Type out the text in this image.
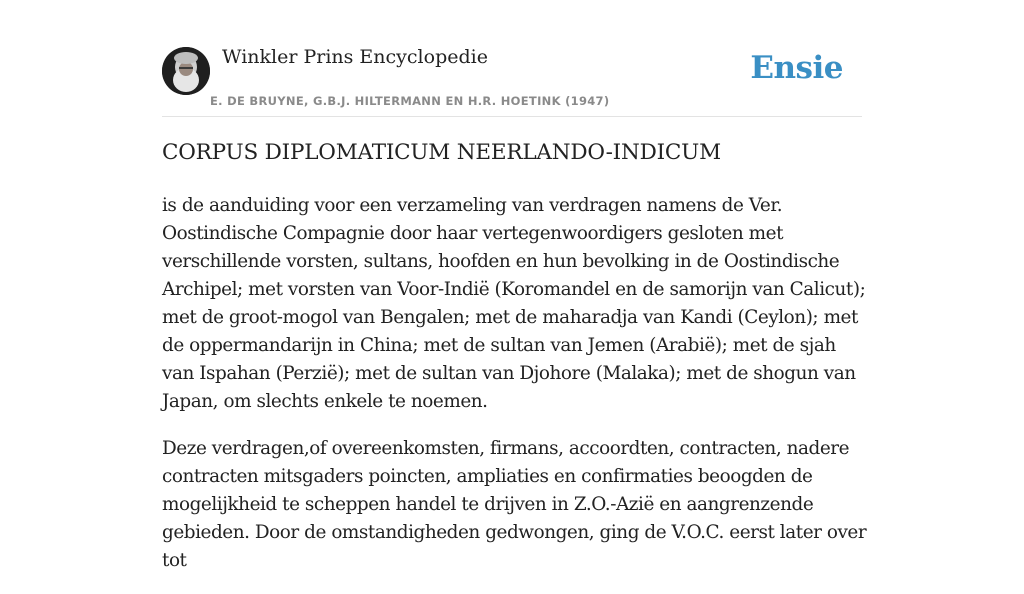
Winkler Prins Encyclopedie
E. DE BRUYNE, G.B.J. HILTERMANN EN H.R. HOETINK (1947)
Ensie
CORPUS DIPLOMATICUM NEERLANDO-INDICUM

is de aanduiding voor een verzameling van verdragen namens de Ver. Oostindische Compagnie door haar vertegenwoordigers gesloten met verschillende vorsten, sultans, hoofden en hun bevolking in de Oostindische Archipel; met vorsten van Voor-Indië (Koromandel en de samorijn van Calicut); met de groot-mogol van Bengalen; met de maharadja van Kandi (Ceylon); met de oppermandarijn in China; met de sultan van Jemen (Arabië); met de sjah van Ispahan (Perzië); met de sultan van Djohore (Malaka); met de shogun van Japan, om slechts enkele te noemen.

Deze verdragen,of overeenkomsten, firmans, accoordten, contracten, nadere contracten mitsgaders poincten, ampliaties en confirmaties beoogden de mogelijkheid te scheppen handel te drijven in Z.O.-Azië en aangrenzende gebieden. Door de omstandigheden gedwongen, ging de V.O.C. eerst later over tot
